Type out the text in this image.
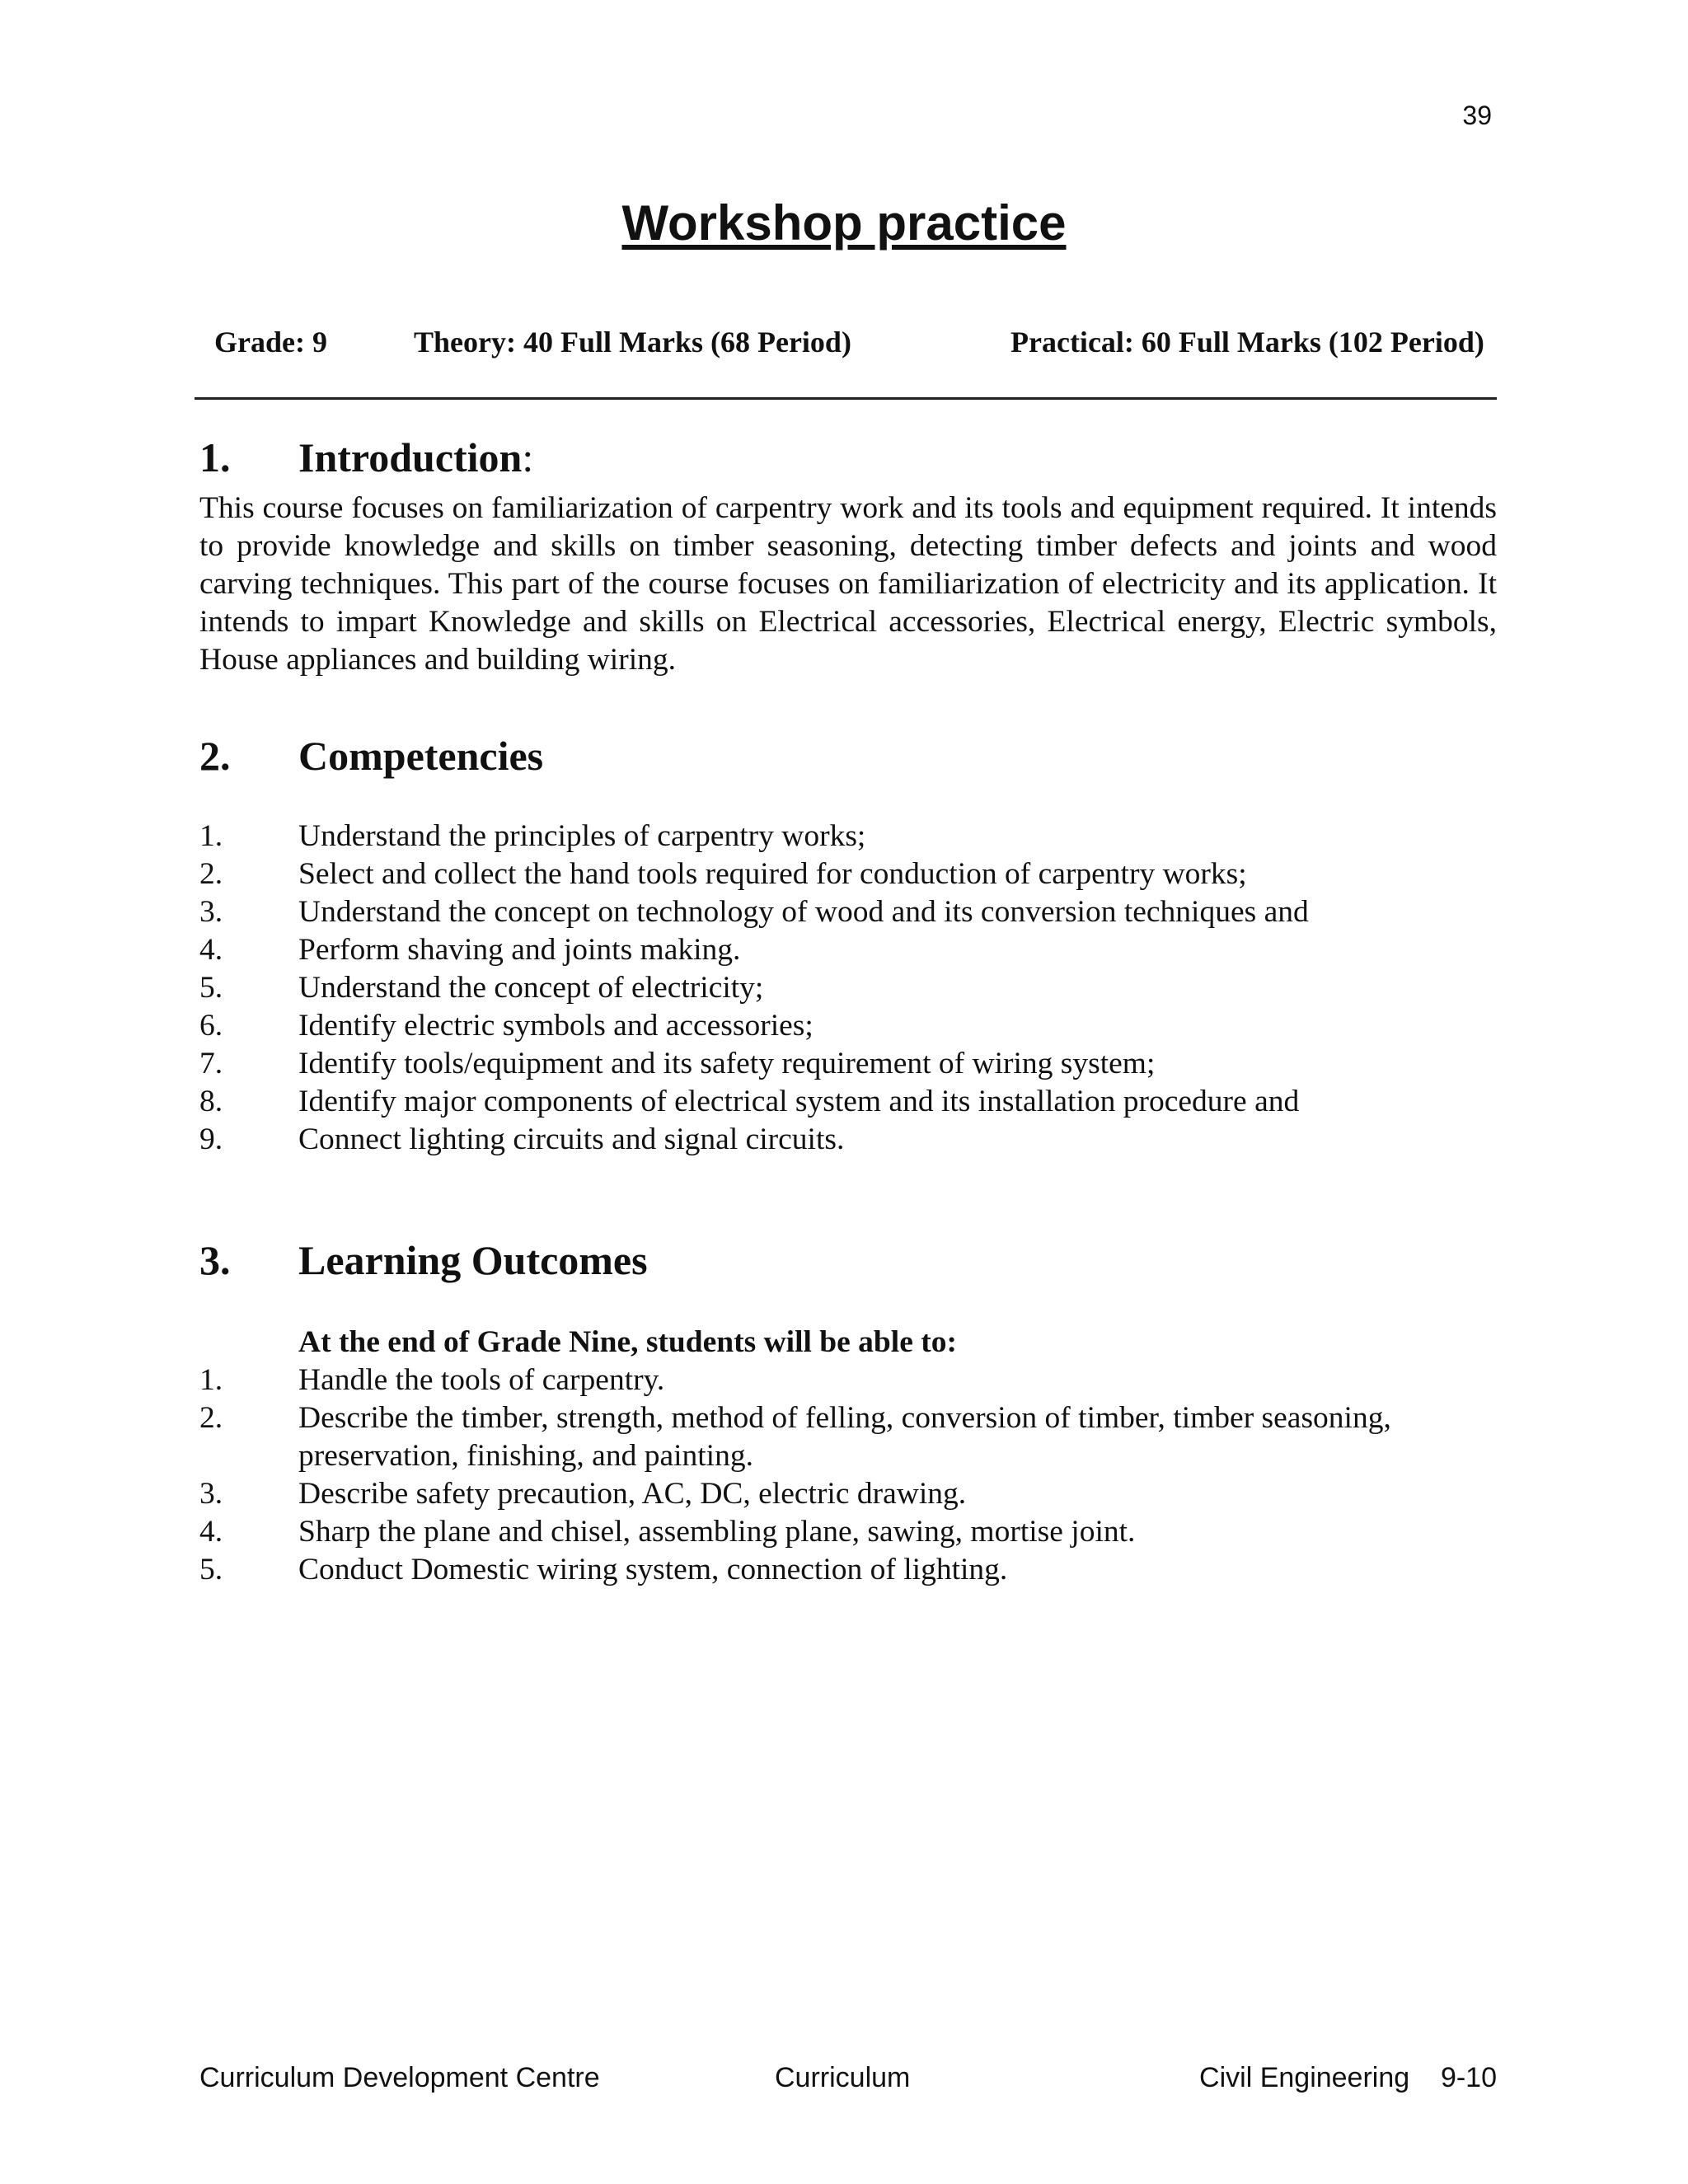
39
Workshop practice
Grade: 9	Theory: 40 Full Marks (68 Period)	Practical: 60 Full Marks (102 Period)
1. Introduction:

This course focuses on familiarization of carpentry work and its tools and equipment required. It intends to provide knowledge and skills on timber seasoning, detecting timber defects and joints and wood carving techniques. This part of the course focuses on familiarization of electricity and its application. It intends to impart Knowledge and skills on Electrical accessories, Electrical energy, Electric symbols, House appliances and building wiring.

2. Competencies
1. Understand the principles of carpentry works;
2. Select and collect the hand tools required for conduction of carpentry works;
3. Understand the concept on technology of wood and its conversion techniques and
4. Perform shaving and joints making.
5. Understand the concept of electricity;
6. Identify electric symbols and accessories;
7. Identify tools/equipment and its safety requirement of wiring system;
8. Identify major components of electrical system and its installation procedure and
9. Connect lighting circuits and signal circuits.
3. Learning Outcomes

At the end of Grade Nine, students will be able to:

1. Handle the tools of carpentry.
2. Describe the timber, strength, method of felling, conversion of timber, timber seasoning, preservation, finishing, and painting.
3. Describe safety precaution, AC, DC, electric drawing.
4. Sharp the plane and chisel, assembling plane, sawing, mortise joint.
5. Conduct Domestic wiring system, connection of lighting.
Curriculum Development Centre	Curriculum	Civil Engineering    9-10
